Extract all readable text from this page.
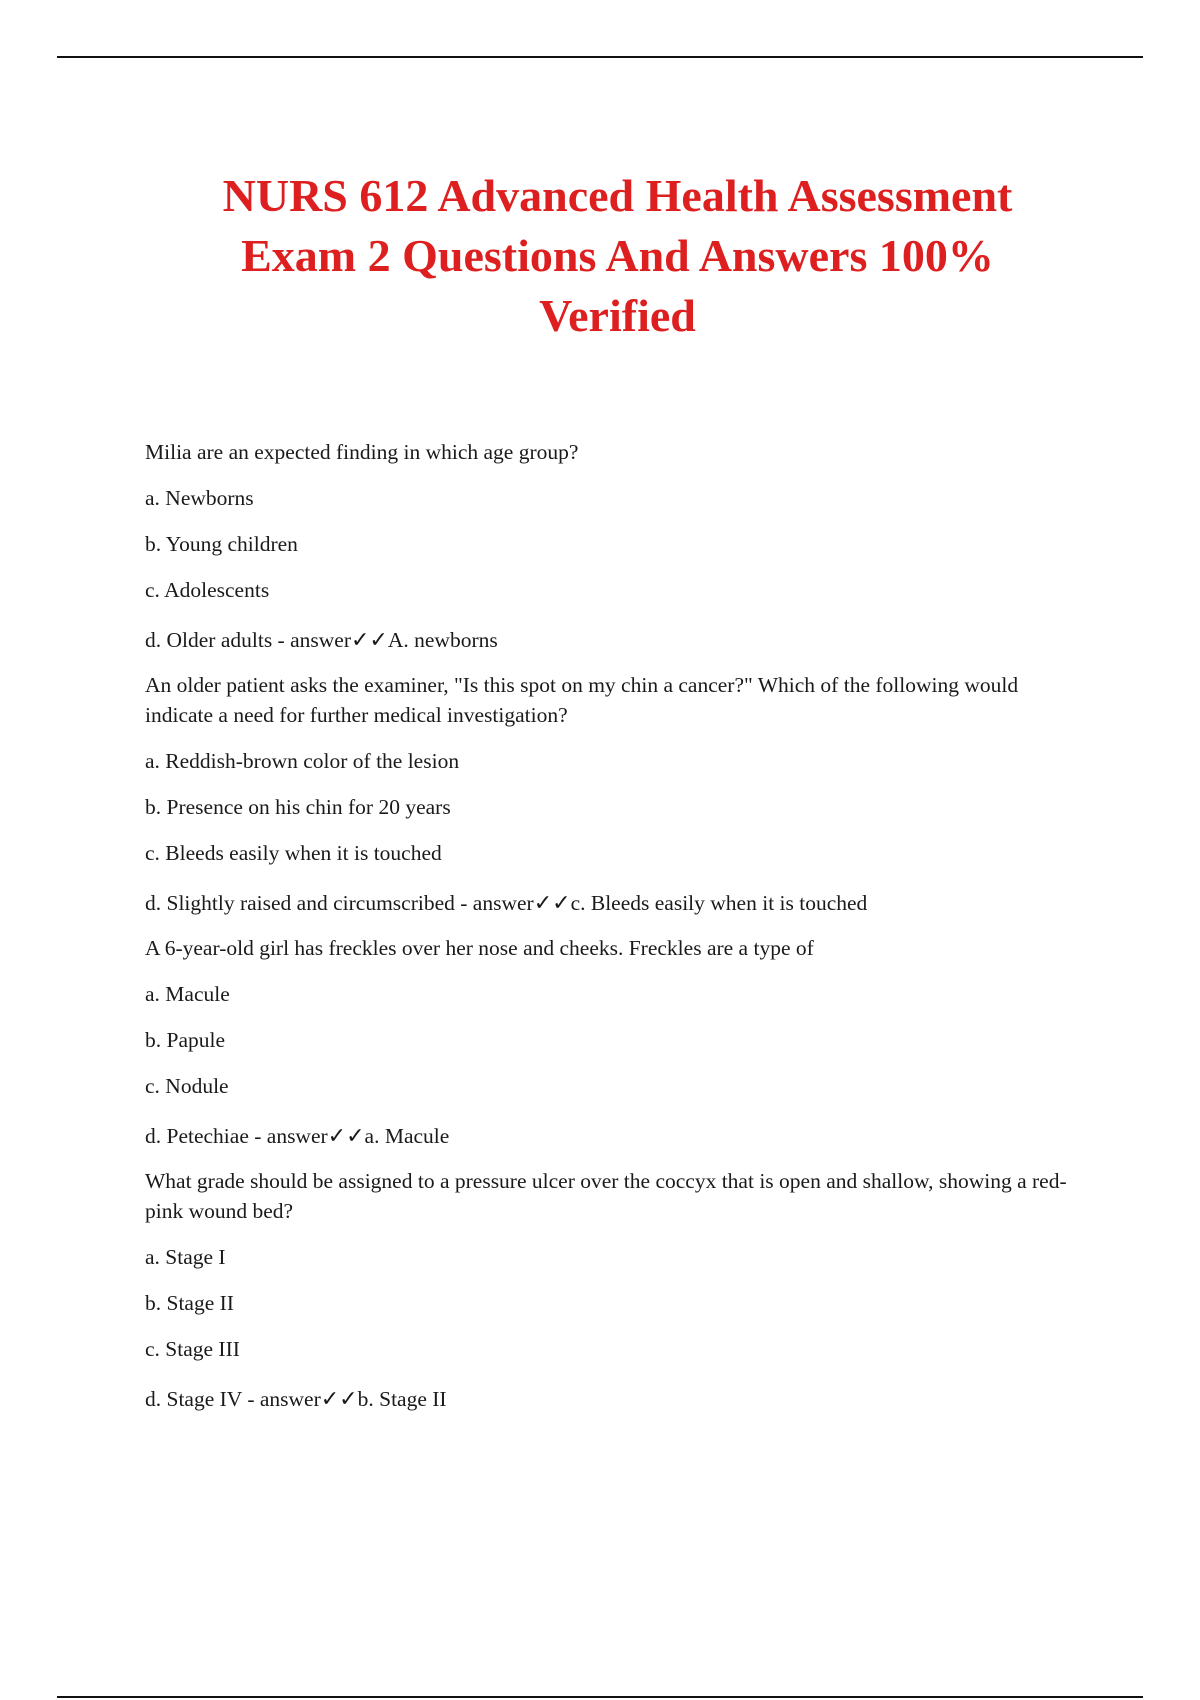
NURS 612 Advanced Health Assessment
Exam 2 Questions And Answers 100%
Verified
Milia are an expected finding in which age group?
a. Newborns
b. Young children
c. Adolescents
d. Older adults - answer✓✓A. newborns
An older patient asks the examiner, "Is this spot on my chin a cancer?" Which of the following would indicate a need for further medical investigation?
a. Reddish-brown color of the lesion
b. Presence on his chin for 20 years
c. Bleeds easily when it is touched
d. Slightly raised and circumscribed - answer✓✓c. Bleeds easily when it is touched
A 6-year-old girl has freckles over her nose and cheeks. Freckles are a type of
a. Macule
b. Papule
c. Nodule
d. Petechiae - answer✓✓a. Macule
What grade should be assigned to a pressure ulcer over the coccyx that is open and shallow, showing a red-pink wound bed?
a. Stage I
b. Stage II
c. Stage III
d. Stage IV - answer✓✓b. Stage II
